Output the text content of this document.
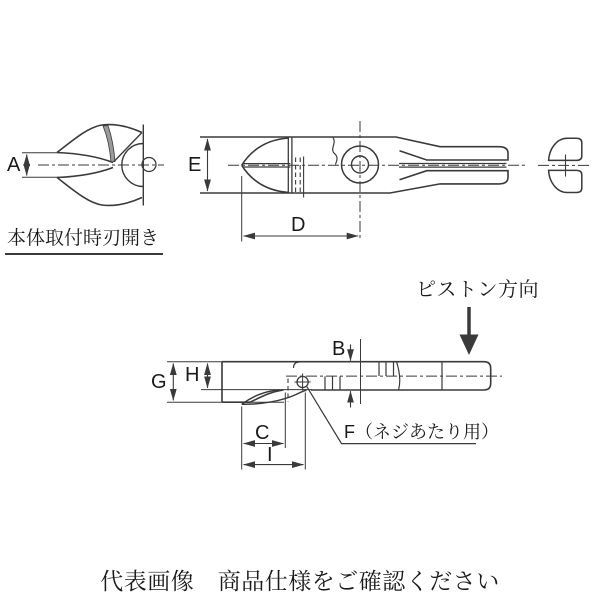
A	E
D
G H
B
C
I
本体取付時刃開き
ピストン方向
F（ネジあたり用）
代表画像　商品仕様をご確認ください
